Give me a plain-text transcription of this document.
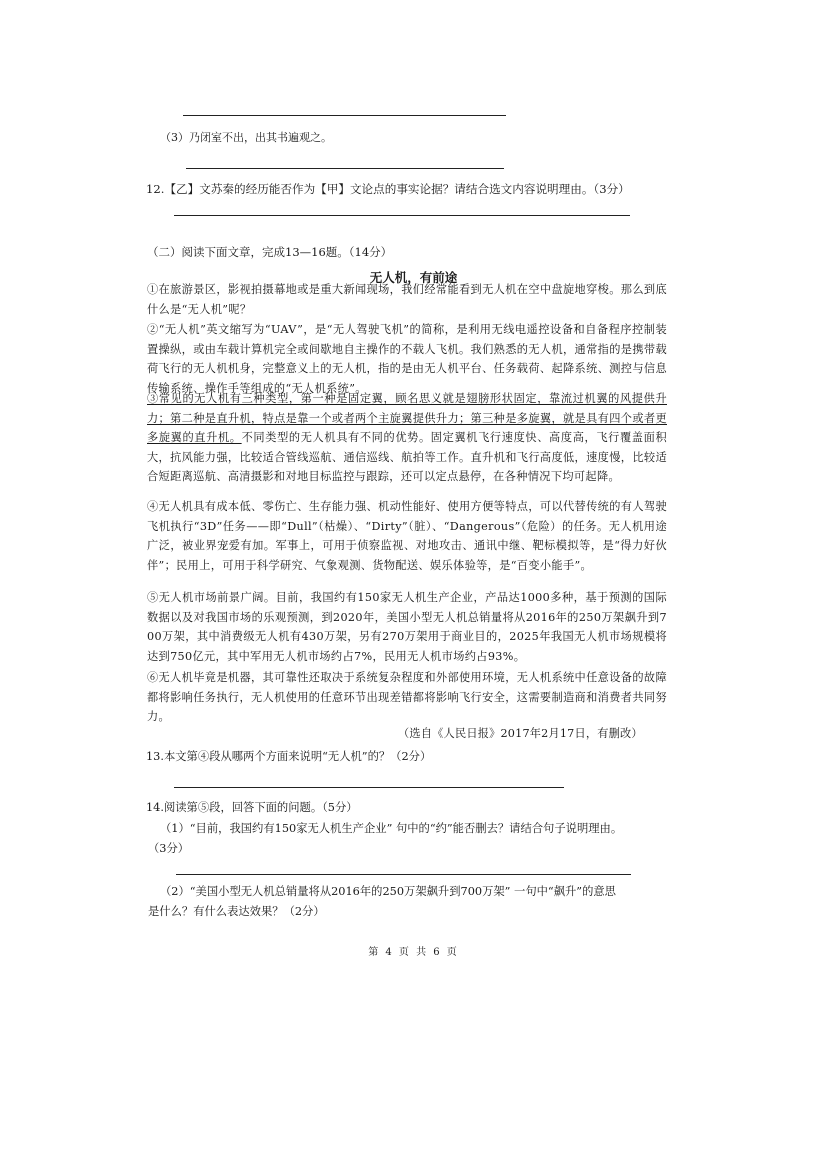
（3）乃闭室不出，出其书遍观之。
12.【乙】文苏秦的经历能否作为【甲】文论点的事实论据？请结合选文内容说明理由。（3分）
（二）阅读下面文章，完成13—16题。（14分）
无人机，有前途
①在旅游景区，影视拍摄幕地或是重大新闻现场，我们经常能看到无人机在空中盘旋地穿梭。那么到底什么是“无人机”呢？
②“无人机”英文缩写为“UAV”，是“无人驾驶飞机”的简称，是利用无线电遥控设备和自备程序控制装置操纵，或由车载计算机完全或间歇地自主操作的不载人飞机。我们熟悉的无人机，通常指的是携带载荷飞行的无人机机身，完整意义上的无人机，指的是由无人机平台、任务载荷、起降系统、测控与信息传输系统、操作手等组成的“无人机系统”。
③常见的无人机有三种类型，第一种是固定翼，顾名思义就是翅膀形状固定，靠流过机翼的风提供升力；第二种是直升机，特点是靠一个或者两个主旋翼提供升力；第三种是多旋翼，就是具有四个或者更多旋翼的直升机。不同类型的无人机具有不同的优势。固定翼机飞行速度快、高度高，飞行覆盖面积大，抗风能力强，比较适合管线巡航、通信巡线、航拍等工作。直升机和飞行高度低，速度慢，比较适合短距离巡航、高清摄影和对地目标监控与跟踪，还可以定点悬停，在各种情况下均可起降。
④无人机具有成本低、零伤亡、生存能力强、机动性能好、使用方便等特点，可以代替传统的有人驾驶飞机执行“3D”任务——即“Dull”（枯燥）、“Dirty”（脏）、“Dangerous”（危险）的任务。无人机用途广泛，被业界宠爱有加。军事上，可用于侦察监视、对地攻击、通讯中继、靶标模拟等，是“得力好伙伴”；民用上，可用于科学研究、气象观测、货物配送、娱乐体验等，是“百变小能手”。
⑤无人机市场前景广阔。目前，我国约有150家无人机生产企业，产品达1000多种，基于预测的国际数据以及对我国市场的乐观预测，到2020年，美国小型无人机总销量将从2016年的250万架飙升到700万架，其中消费级无人机有430万架，另有270万架用于商业目的，2025年我国无人机市场规模将达到750亿元，其中军用无人机市场约占7%，民用无人机市场约占93%。
⑥无人机毕竟是机器，其可靠性还取决于系统复杂程度和外部使用环境，无人机系统中任意设备的故障都将影响任务执行，无人机使用的任意环节出现差错都将影响飞行安全，这需要制造商和消费者共同努力。
（选自《人民日报》2017年2月17日，有删改）
13.本文第④段从哪两个方面来说明“无人机”的？（2分）
14.阅读第⑤段，回答下面的问题。（5分）
（1）“目前，我国约有150家无人机生产企业” 句中的“约”能否删去？请结合句子说明理由。
（3分）
（2）“美国小型无人机总销量将从2016年的250万架飙升到700万架” 一句中“飙升”的意思
是什么？有什么表达效果？（2分）
第 4 页 共 6 页
